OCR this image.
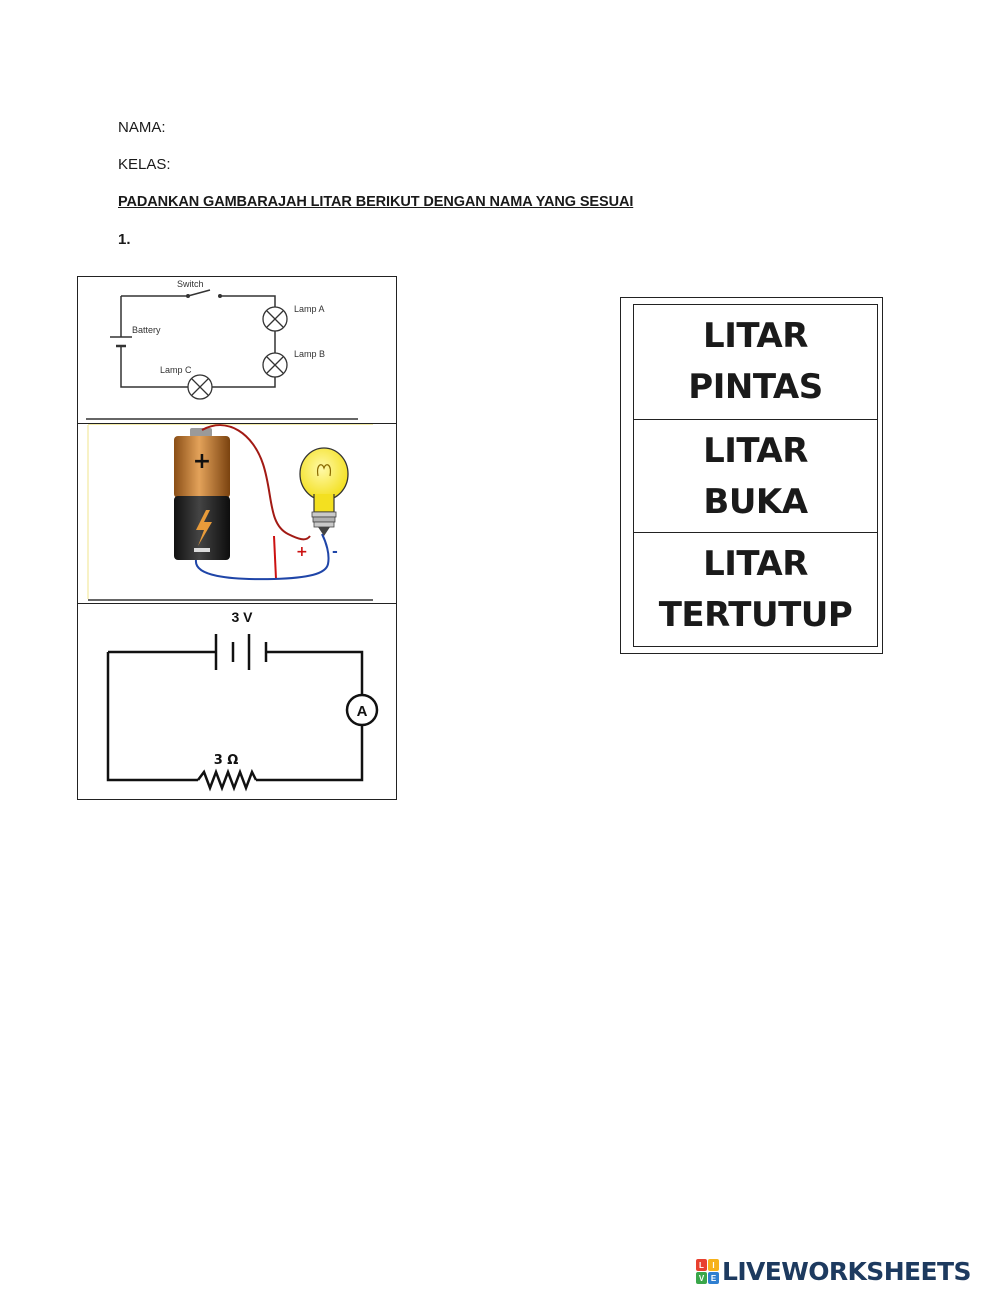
NAMA:
KELAS:
PADANKAN GAMBARAJAH LITAR BERIKUT DENGAN NAMA YANG SESUAI
1.
Switch
Battery
Lamp A
Lamp B
Lamp C
+
+ -
A
3 V
3 Ω
LITAR
PINTAS
LITAR
BUKA
LITAR
TERTUTUP
L	I
V E LIVEWORKSHEETS
